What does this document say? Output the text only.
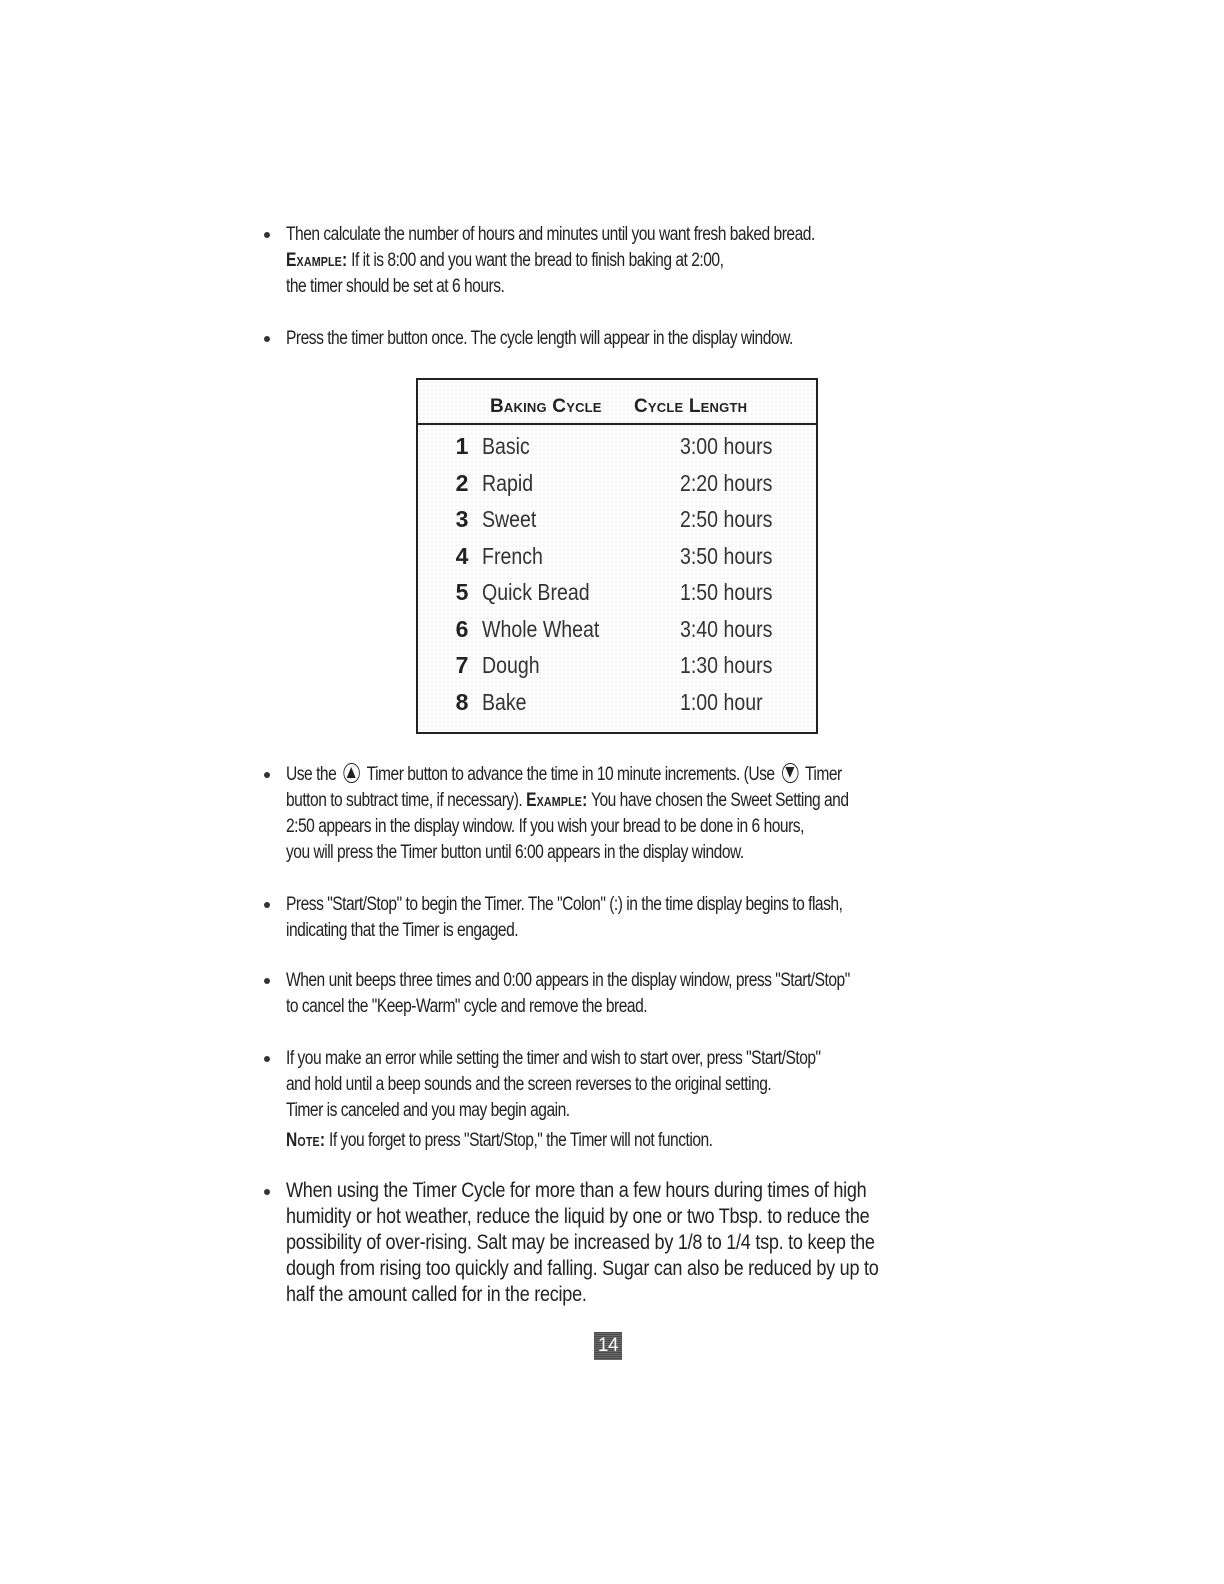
Then calculate the number of hours and minutes until you want fresh baked bread.
Example: If it is 8:00 and you want the bread to finish baking at 2:00,
the timer should be set at 6 hours.
Press the timer button once. The cycle length will appear in the display window.
Baking Cycle Cycle Length
1 Basic	3:00 hours
2 Rapid	2:20 hours
3 Sweet	2:50 hours
4 French	3:50 hours
5 Quick Bread	1:50 hours
6 Whole Wheat	3:40 hours
7 Dough	1:30 hours
8 Bake	1:00 hour
Use the Timer button to advance the time in 10 minute increments. (Use Timer
button to subtract time, if necessary). Example: You have chosen the Sweet Setting and
2:50 appears in the display window. If you wish your bread to be done in 6 hours,
you will press the Timer button until 6:00 appears in the display window.
Press "Start/Stop" to begin the Timer. The "Colon" (:) in the time display begins to flash,
indicating that the Timer is engaged.
When unit beeps three times and 0:00 appears in the display window, press "Start/Stop"
to cancel the "Keep-Warm" cycle and remove the bread.
If you make an error while setting the timer and wish to start over, press "Start/Stop"
and hold until a beep sounds and the screen reverses to the original setting.
Timer is canceled and you may begin again.
Note: If you forget to press "Start/Stop," the Timer will not function.
When using the Timer Cycle for more than a few hours during times of high
humidity or hot weather, reduce the liquid by one or two Tbsp. to reduce the
possibility of over-rising. Salt may be increased by 1/8 to 1/4 tsp. to keep the
dough from rising too quickly and falling. Sugar can also be reduced by up to
half the amount called for in the recipe.
14
